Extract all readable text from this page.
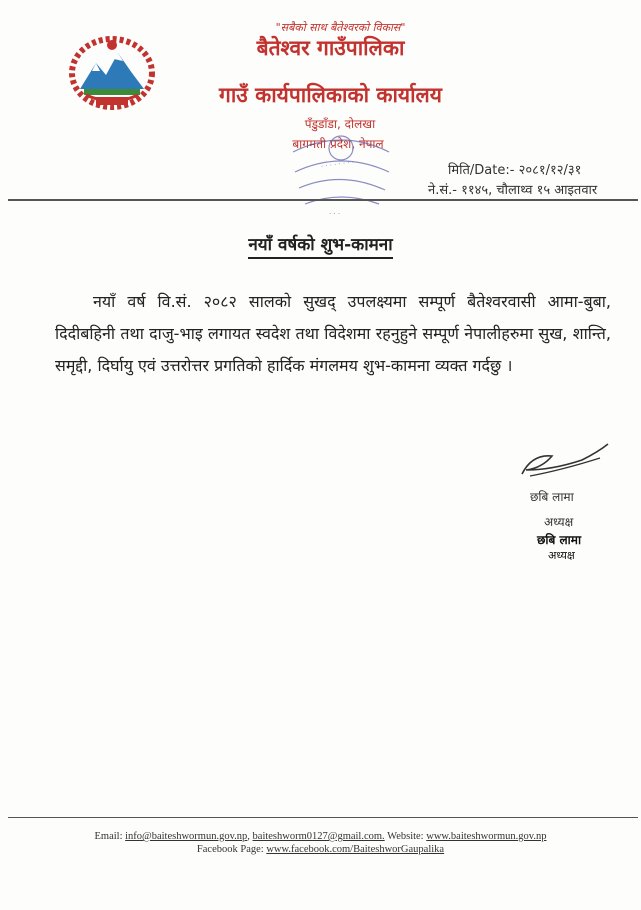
"सबैको साथ बैतेश्वरको विकास"
बैतेश्वर गाउँपालिका
गाउँ कार्यपालिकाको कार्यालय
पँडुडाँडा, दोलखा
बागमती प्रदेश, नेपाल
· · · · · · · ·
· · ·
मिति/Date:- २०८१/१२/३१
ने.सं.- ११४५, चौलाथ्व १५ आइतवार
नयाँ वर्षको शुभ-कामना
नयाँ वर्ष वि.सं. २०८२ सालको सुखद् उपलक्ष्यमा सम्पूर्ण बैतेश्वरवासी आमा-बुबा, दिदीबहिनी तथा दाजु-भाइ लगायत स्वदेश तथा विदेशमा रहनुहुने सम्पूर्ण नेपालीहरुमा सुख, शान्ति, समृद्दी, दिर्घायु एवं उत्तरोत्तर प्रगतिको हार्दिक मंगलमय शुभ-कामना व्यक्त गर्दछु ।
छबि लामा
अध्यक्ष
छबि लामा
अध्यक्ष
Email: info@baiteshwormun.gov.np, baiteshworm0127@gmail.com. Website: www.baiteshwormun.gov.np
Facebook Page: www.facebook.com/BaiteshworGaupalika
